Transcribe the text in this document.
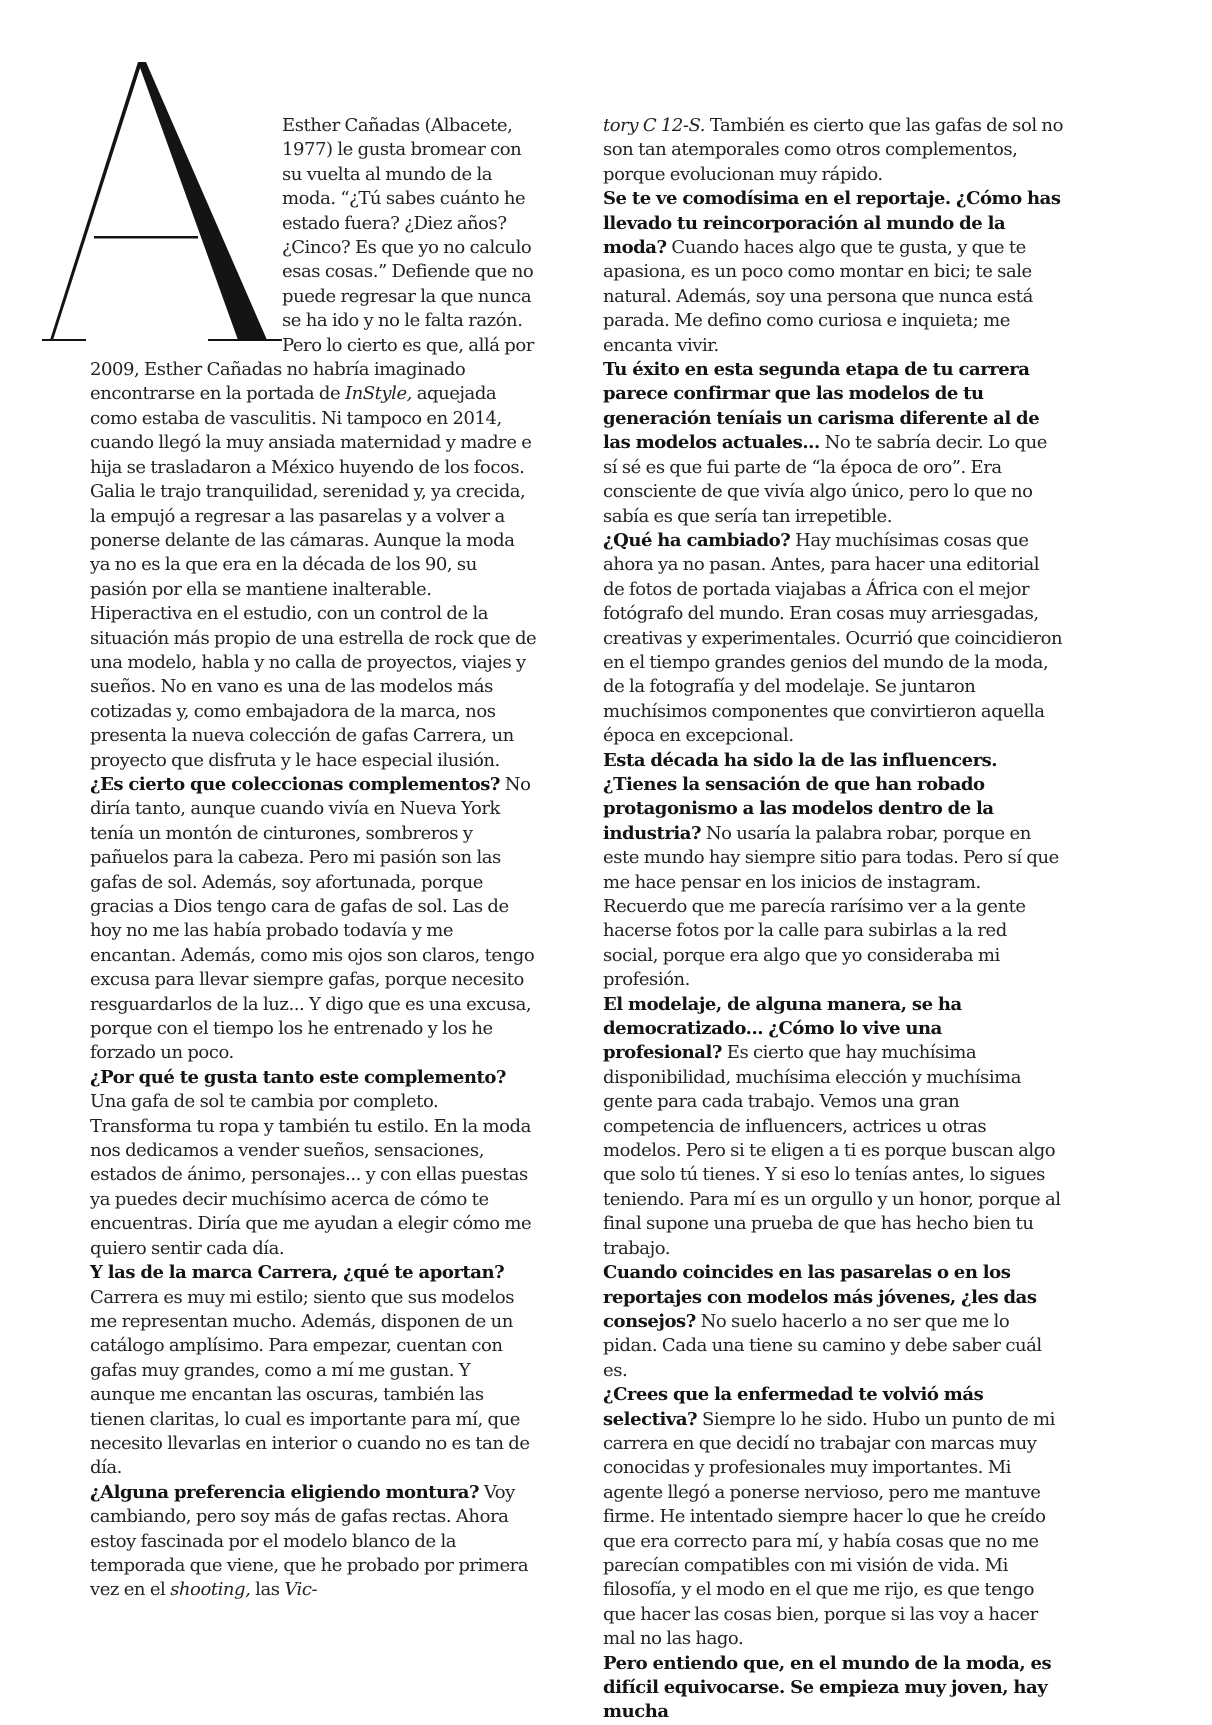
A

Esther Cañadas (Albacete, 1977) le gusta bromear con su vuelta al mundo de la moda. “¿Tú sabes cuánto he estado fuera? ¿Diez años? ¿Cinco? Es que yo no calculo esas cosas.” Defiende que no puede regresar la que nunca se ha ido y no le falta razón. Pero lo cierto es que, allá por 2009, Esther Cañadas no habría imaginado encontrarse en la portada de InStyle, aquejada como estaba de vasculitis. Ni tampoco en 2014, cuando llegó la muy ansiada maternidad y madre e hija se trasladaron a México huyendo de los focos. Galia le trajo tranquilidad, serenidad y, ya crecida, la empujó a regresar a las pasarelas y a volver a ponerse delante de las cámaras. Aunque la moda ya no es la que era en la década de los 90, su pasión por ella se mantiene inalterable. Hiperactiva en el estudio, con un control de la situación más propio de una estrella de rock que de una modelo, habla y no calla de proyectos, viajes y sueños. No en vano es una de las modelos más cotizadas y, como embajadora de la marca, nos presenta la nueva colección de gafas Carrera, un proyecto que disfruta y le hace especial ilusión.

¿Es cierto que coleccionas complementos? No diría tanto, aunque cuando vivía en Nueva York tenía un montón de cinturones, sombreros y pañuelos para la cabeza. Pero mi pasión son las gafas de sol. Además, soy afortunada, porque gracias a Dios tengo cara de gafas de sol. Las de hoy no me las había probado todavía y me encantan. Además, como mis ojos son claros, tengo excusa para llevar siempre gafas, porque necesito resguardarlos de la luz... Y digo que es una excusa, porque con el tiempo los he entrenado y los he forzado un poco.

¿Por qué te gusta tanto este complemento? Una gafa de sol te cambia por completo. Transforma tu ropa y también tu estilo. En la moda nos dedicamos a vender sueños, sensaciones, estados de ánimo, personajes... y con ellas puestas ya puedes decir muchísimo acerca de cómo te encuentras. Diría que me ayudan a elegir cómo me quiero sentir cada día.

Y las de la marca Carrera, ¿qué te aportan? Carrera es muy mi estilo; siento que sus modelos me representan mucho. Además, disponen de un catálogo amplísimo. Para empezar, cuentan con gafas muy grandes, como a mí me gustan. Y aunque me encantan las oscuras, también las tienen claritas, lo cual es importante para mí, que necesito llevarlas en interior o cuando no es tan de día.

¿Alguna preferencia eligiendo montura? Voy cambiando, pero soy más de gafas rectas. Ahora estoy fascinada por el modelo blanco de la temporada que viene, que he probado por primera vez en el shooting, las Vic-

tory C 12-S. También es cierto que las gafas de sol no son tan atemporales como otros complementos, porque evolucionan muy rápido.

Se te ve comodísima en el reportaje. ¿Cómo has llevado tu reincorporación al mundo de la moda? Cuando haces algo que te gusta, y que te apasiona, es un poco como montar en bici; te sale natural. Además, soy una persona que nunca está parada. Me defino como curiosa e inquieta; me encanta vivir.

Tu éxito en esta segunda etapa de tu carrera parece confirmar que las modelos de tu generación teníais un carisma diferente al de las modelos actuales... No te sabría decir. Lo que sí sé es que fui parte de “la época de oro”. Era consciente de que vivía algo único, pero lo que no sabía es que sería tan irrepetible.

¿Qué ha cambiado? Hay muchísimas cosas que ahora ya no pasan. Antes, para hacer una editorial de fotos de portada viajabas a África con el mejor fotógrafo del mundo. Eran cosas muy arriesgadas, creativas y experimentales. Ocurrió que coincidieron en el tiempo grandes genios del mundo de la moda, de la fotografía y del modelaje. Se juntaron muchísimos componentes que convirtieron aquella época en excepcional.

Esta década ha sido la de las influencers. ¿Tienes la sensación de que han robado protagonismo a las modelos dentro de la industria? No usaría la palabra robar, porque en este mundo hay siempre sitio para todas. Pero sí que me hace pensar en los inicios de instagram. Recuerdo que me parecía rarísimo ver a la gente hacerse fotos por la calle para subirlas a la red social, porque era algo que yo consideraba mi profesión.

El modelaje, de alguna manera, se ha democratizado... ¿Cómo lo vive una profesional? Es cierto que hay muchísima disponibilidad, muchísima elección y muchísima gente para cada trabajo. Vemos una gran competencia de influencers, actrices u otras modelos. Pero si te eligen a ti es porque buscan algo que solo tú tienes. Y si eso lo tenías antes, lo sigues teniendo. Para mí es un orgullo y un honor, porque al final supone una prueba de que has hecho bien tu trabajo.

Cuando coincides en las pasarelas o en los reportajes con modelos más jóvenes, ¿les das consejos? No suelo hacerlo a no ser que me lo pidan. Cada una tiene su camino y debe saber cuál es.

¿Crees que la enfermedad te volvió más selectiva? Siempre lo he sido. Hubo un punto de mi carrera en que decidí no trabajar con marcas muy conocidas y profesionales muy importantes. Mi agente llegó a ponerse nervioso, pero me mantuve firme. He intentado siempre hacer lo que he creído que era correcto para mí, y había cosas que no me parecían compatibles con mi visión de vida. Mi filosofía, y el modo en el que me rijo, es que tengo que hacer las cosas bien, porque si las voy a hacer mal no las hago.

Pero entiendo que, en el mundo de la moda, es difícil equivocarse. Se empieza muy joven, hay mucha
